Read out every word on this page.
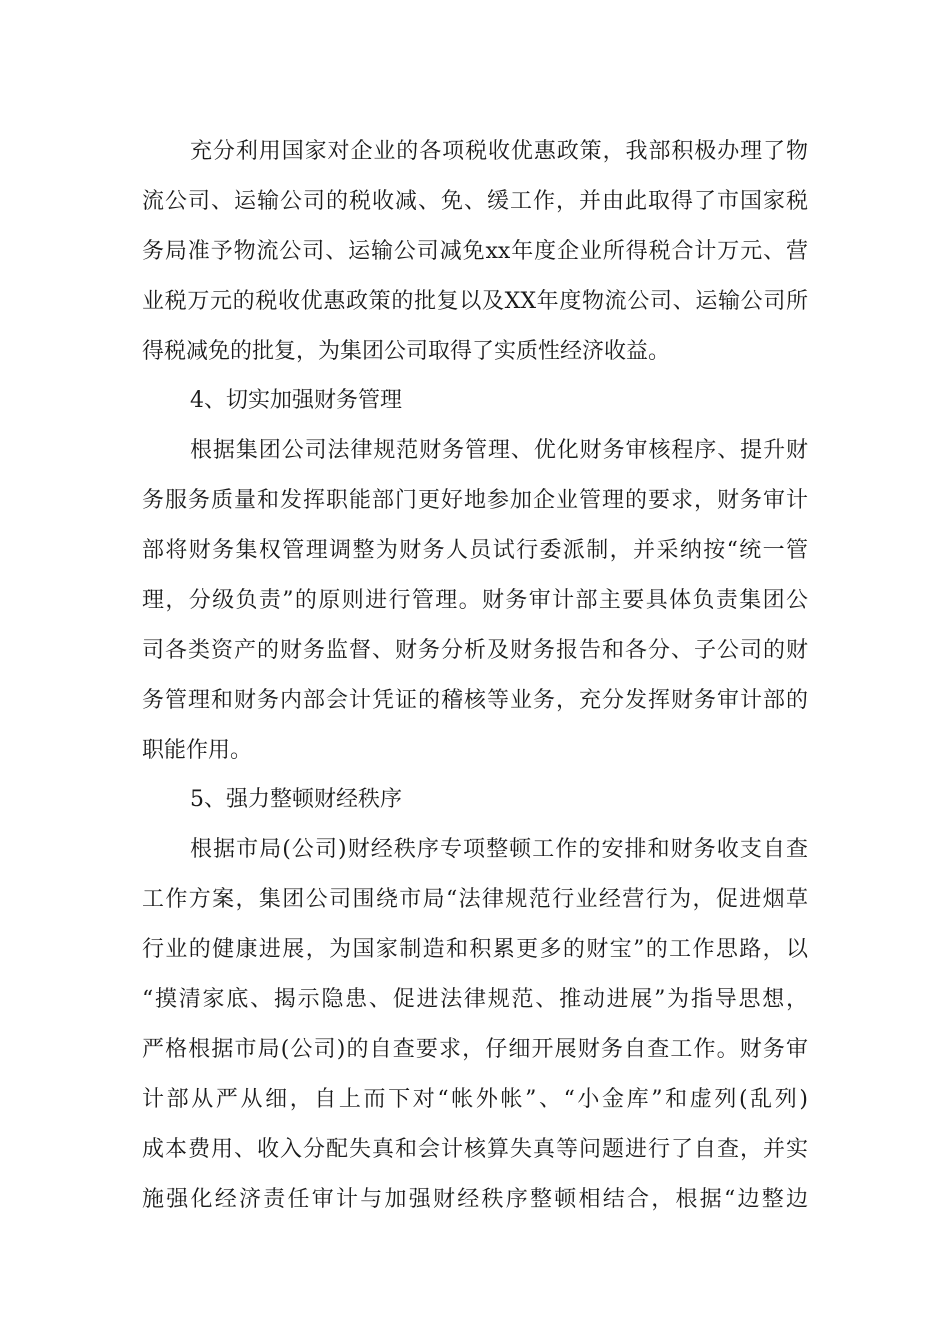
充分利用国家对企业的各项税收优惠政策，我部积极办理了物

流公司、运输公司的税收减、免、缓工作，并由此取得了市国家税

务局准予物流公司、运输公司减免xx年度企业所得税合计万元、营

业税万元的税收优惠政策的批复以及XX年度物流公司、运输公司所

得税减免的批复，为集团公司取得了实质性经济收益。

4、切实加强财务管理

根据集团公司法律规范财务管理、优化财务审核程序、提升财

务服务质量和发挥职能部门更好地参加企业管理的要求，财务审计

部将财务集权管理调整为财务人员试行委派制，并采纳按“统一管

理，分级负责”的原则进行管理。财务审计部主要具体负责集团公

司各类资产的财务监督、财务分析及财务报告和各分、子公司的财

务管理和财务内部会计凭证的稽核等业务，充分发挥财务审计部的

职能作用。

5、强力整顿财经秩序

根据市局(公司)财经秩序专项整顿工作的安排和财务收支自查

工作方案，集团公司围绕市局“法律规范行业经营行为，促进烟草

行业的健康进展，为国家制造和积累更多的财宝”的工作思路，以

“摸清家底、揭示隐患、促进法律规范、推动进展”为指导思想，

严格根据市局(公司)的自查要求，仔细开展财务自查工作。财务审

计部从严从细，自上而下对“帐外帐”、“小金库”和虚列(乱列)

成本费用、收入分配失真和会计核算失真等问题进行了自查，并实

施强化经济责任审计与加强财经秩序整顿相结合，根据“边整边
